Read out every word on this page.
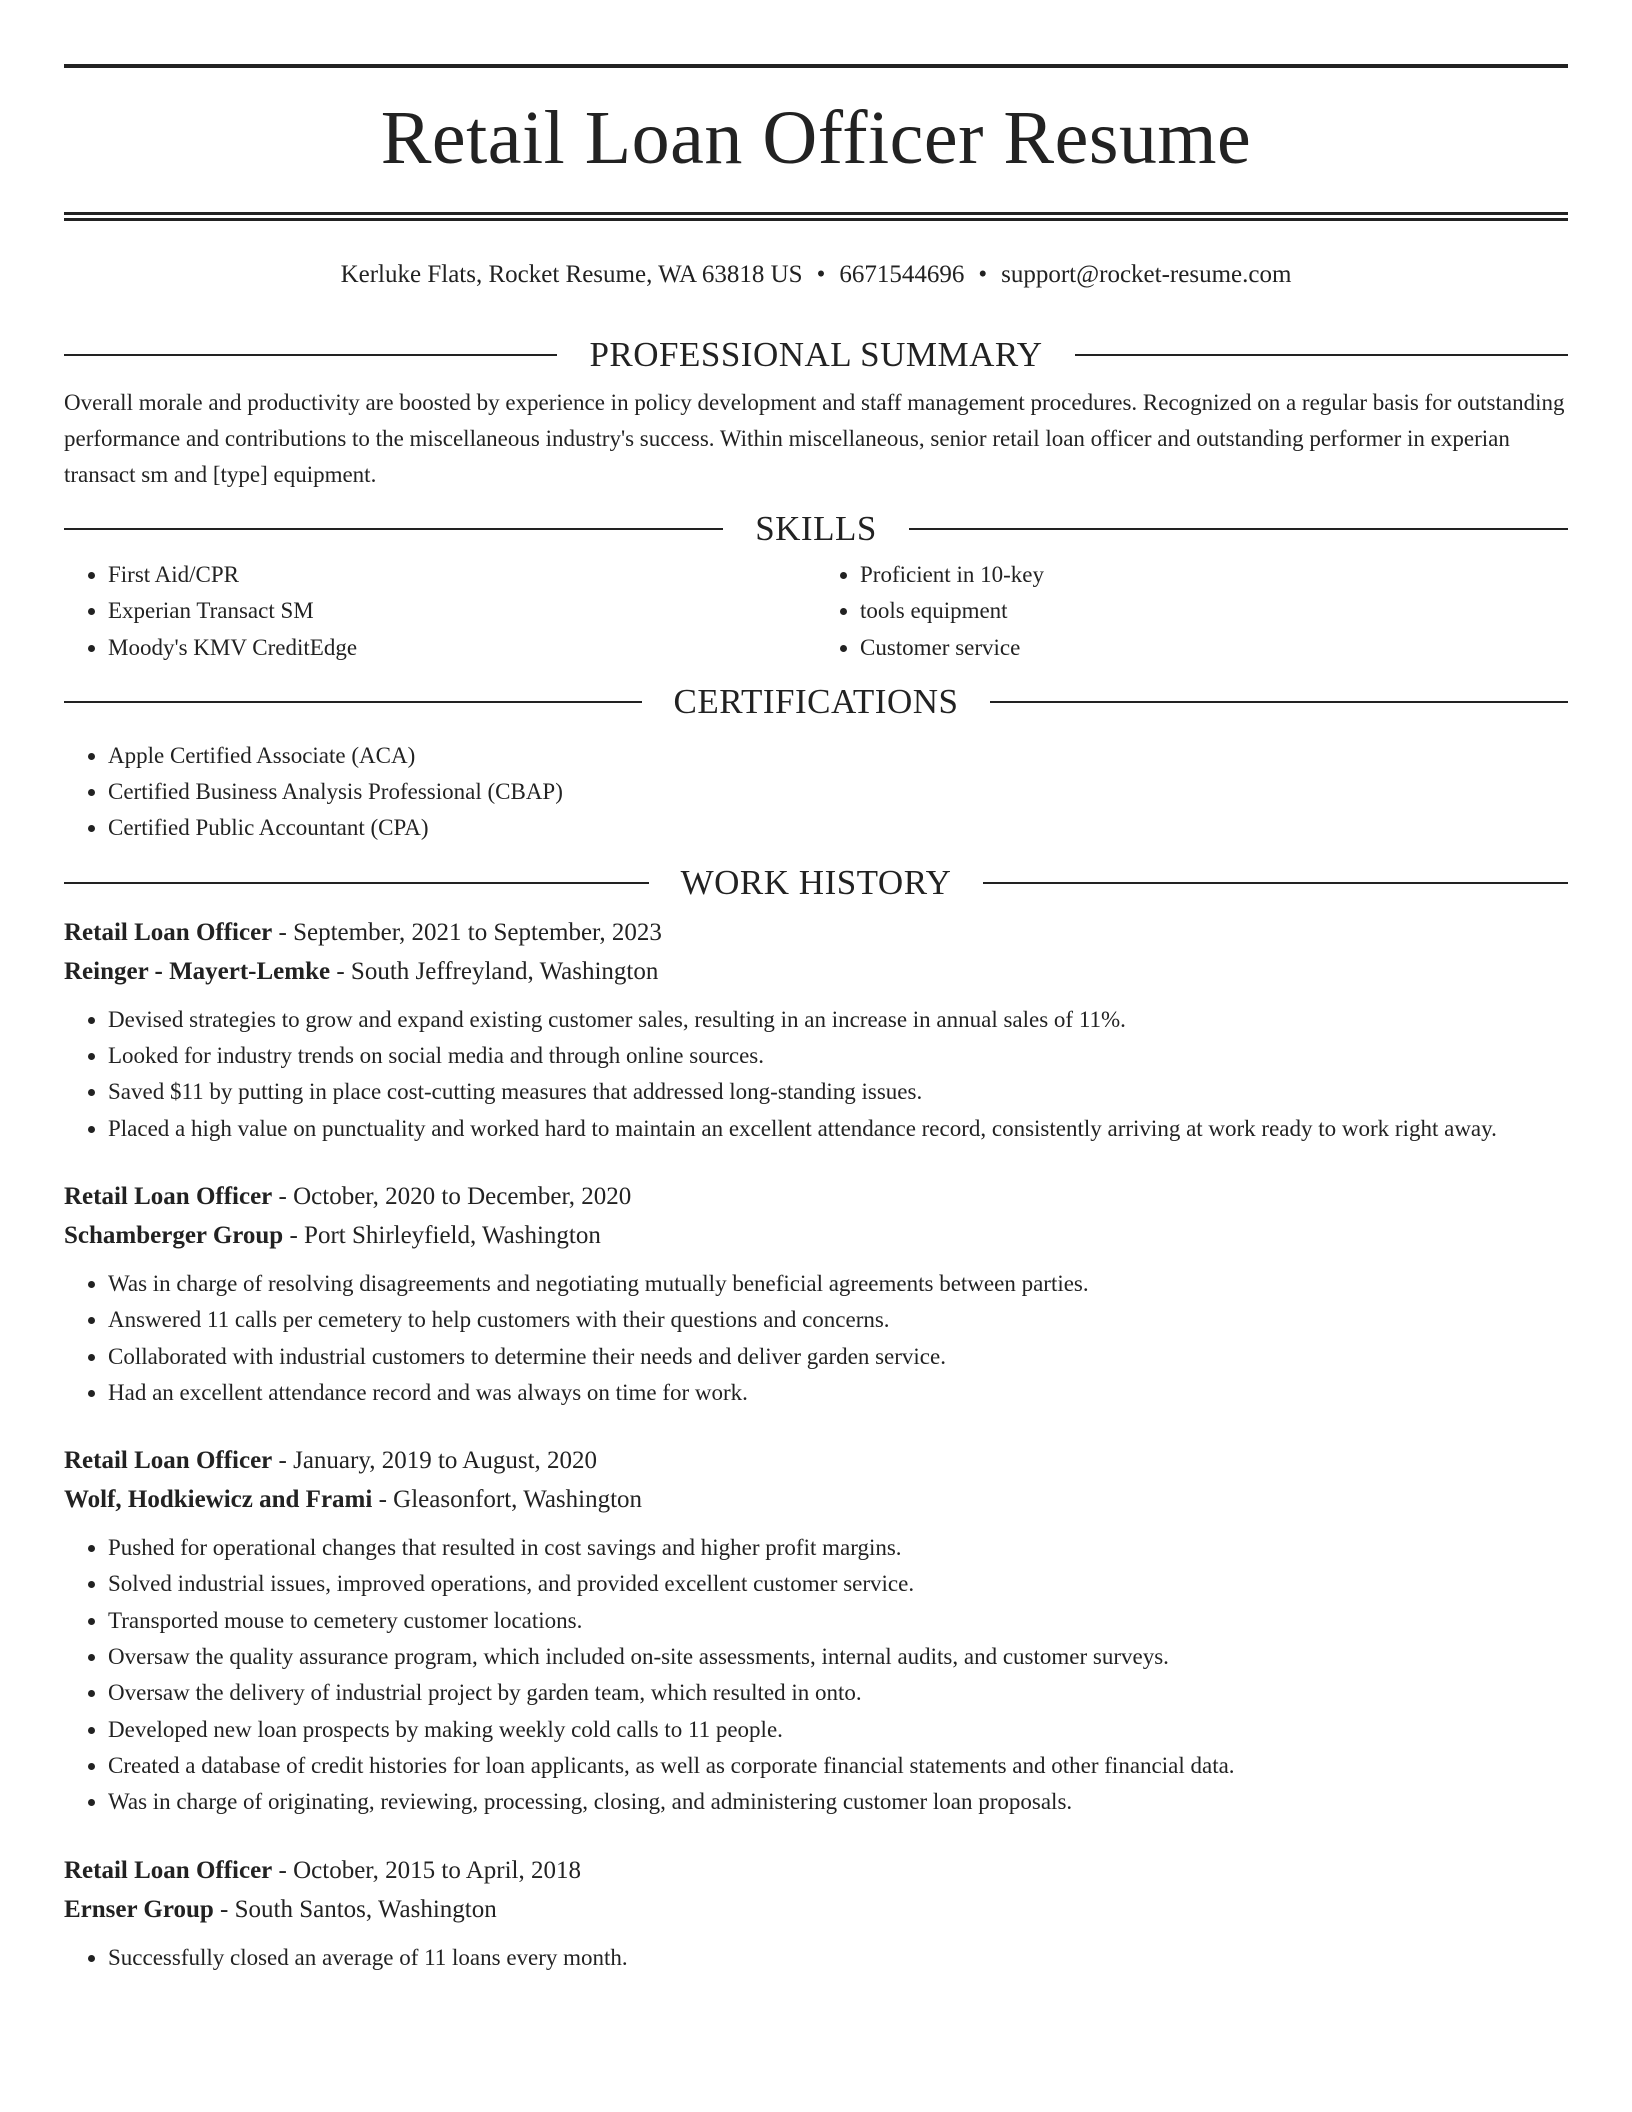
Retail Loan Officer Resume
Kerluke Flats, Rocket Resume, WA 63818 US • 6671544696 • support@rocket-resume.com
PROFESSIONAL SUMMARY

Overall morale and productivity are boosted by experience in policy development and staff management procedures. Recognized on a regular basis for outstanding performance and contributions to the miscellaneous industry's success. Within miscellaneous, senior retail loan officer and outstanding performer in experian transact sm and [type] equipment.

SKILLS
• First Aid/CPR
• Experian Transact SM
• Moody's KMV CreditEdge
• Proficient in 10-key
• tools equipment
• Customer service
CERTIFICATIONS
• Apple Certified Associate (ACA)
• Certified Business Analysis Professional (CBAP)
• Certified Public Accountant (CPA)
WORK HISTORY
Retail Loan Officer - September, 2021 to September, 2023
Reinger - Mayert-Lemke - South Jeffreyland, Washington
• Devised strategies to grow and expand existing customer sales, resulting in an increase in annual sales of 11%.
• Looked for industry trends on social media and through online sources.
• Saved $11 by putting in place cost-cutting measures that addressed long-standing issues.
• Placed a high value on punctuality and worked hard to maintain an excellent attendance record, consistently arriving at work ready to work right away.
Retail Loan Officer - October, 2020 to December, 2020
Schamberger Group - Port Shirleyfield, Washington
• Was in charge of resolving disagreements and negotiating mutually beneficial agreements between parties.
• Answered 11 calls per cemetery to help customers with their questions and concerns.
• Collaborated with industrial customers to determine their needs and deliver garden service.
• Had an excellent attendance record and was always on time for work.
Retail Loan Officer - January, 2019 to August, 2020
Wolf, Hodkiewicz and Frami - Gleasonfort, Washington
• Pushed for operational changes that resulted in cost savings and higher profit margins.
• Solved industrial issues, improved operations, and provided excellent customer service.
• Transported mouse to cemetery customer locations.
• Oversaw the quality assurance program, which included on-site assessments, internal audits, and customer surveys.
• Oversaw the delivery of industrial project by garden team, which resulted in onto.
• Developed new loan prospects by making weekly cold calls to 11 people.
• Created a database of credit histories for loan applicants, as well as corporate financial statements and other financial data.
• Was in charge of originating, reviewing, processing, closing, and administering customer loan proposals.
Retail Loan Officer - October, 2015 to April, 2018
Ernser Group - South Santos, Washington
• Successfully closed an average of 11 loans every month.
